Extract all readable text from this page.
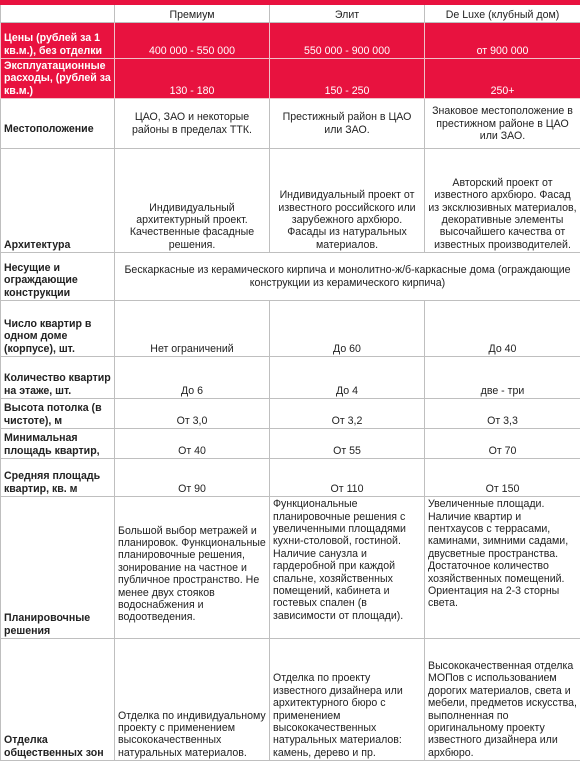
	Премиум	Элит	De Luxe (клубный дом)
Цены (рублей за 1 кв.м.), без отделки	400 000 - 550 000	550 000 - 900 000	от 900 000
Эксплуатационные расходы, (рублей за кв.м.)	130 - 180	150 - 250	250+
Местоположение	ЦАО, ЗАО и некоторые районы в пределах ТТК.	Престижный район в ЦАО или ЗАО.	Знаковое местоположение в престижном районе в ЦАО или ЗАО.
Архитектура	Индивидуальный архитектурный проект. Качественные фасадные решения.	Индивидуальный проект от известного российского или зарубежного архбюро. Фасады из натуральных материалов.	Авторский проект от известного архбюро. Фасад из эксклюзивных материалов, декоративные элементы высочайшего качества от известных производителей.
Несущие и ограждающие конструкции	Бескаркасные из керамического кирпича и монолитно-ж/б-каркасные дома (ограждающие конструкции из керамического кирпича)		
Число квартир в одном доме (корпусе), шт.	Нет ограничений	До 60	До 40
Количество квартир на этаже, шт.	До 6	До 4	две - три
Высота потолка (в чистоте), м	От 3,0	От 3,2	От 3,3
Минимальная площадь квартир,	От 40	От 55	От 70
Средняя площадь квартир, кв. м	От 90	От 110	От 150
Планировочные решения	Большой выбор метражей и планировок. Функциональные планировочные решения, зонирование на частное и публичное пространство. Не менее двух стояков водоснабжения и водоотведения.	Функциональные планировочные решения с увеличенными площадями кухни-столовой, гостиной. Наличие санузла и гардеробной при каждой спальне, хозяйственных помещений, кабинета и гостевых спален (в зависимости от площади).	Увеличенные площади. Наличие квартир и пентхаусов с террасами, каминами, зимними садами, двусветные пространства. Достаточное количество хозяйственных помещений. Ориентация на 2-3 сторны света.
Отделка общественных зон	Отделка по индивидуальному проекту с применением высококачественных натуральных материалов.	Отделка по проекту известного дизайнера или архитектурного бюро с применением высококачественных натуральных материалов: камень, дерево и пр.	Высококачественная отделка МОПов с использованием дорогих материалов, света и мебели, предметов искусства, выполненная по оригинальному проекту известного дизайнера или архбюро.
